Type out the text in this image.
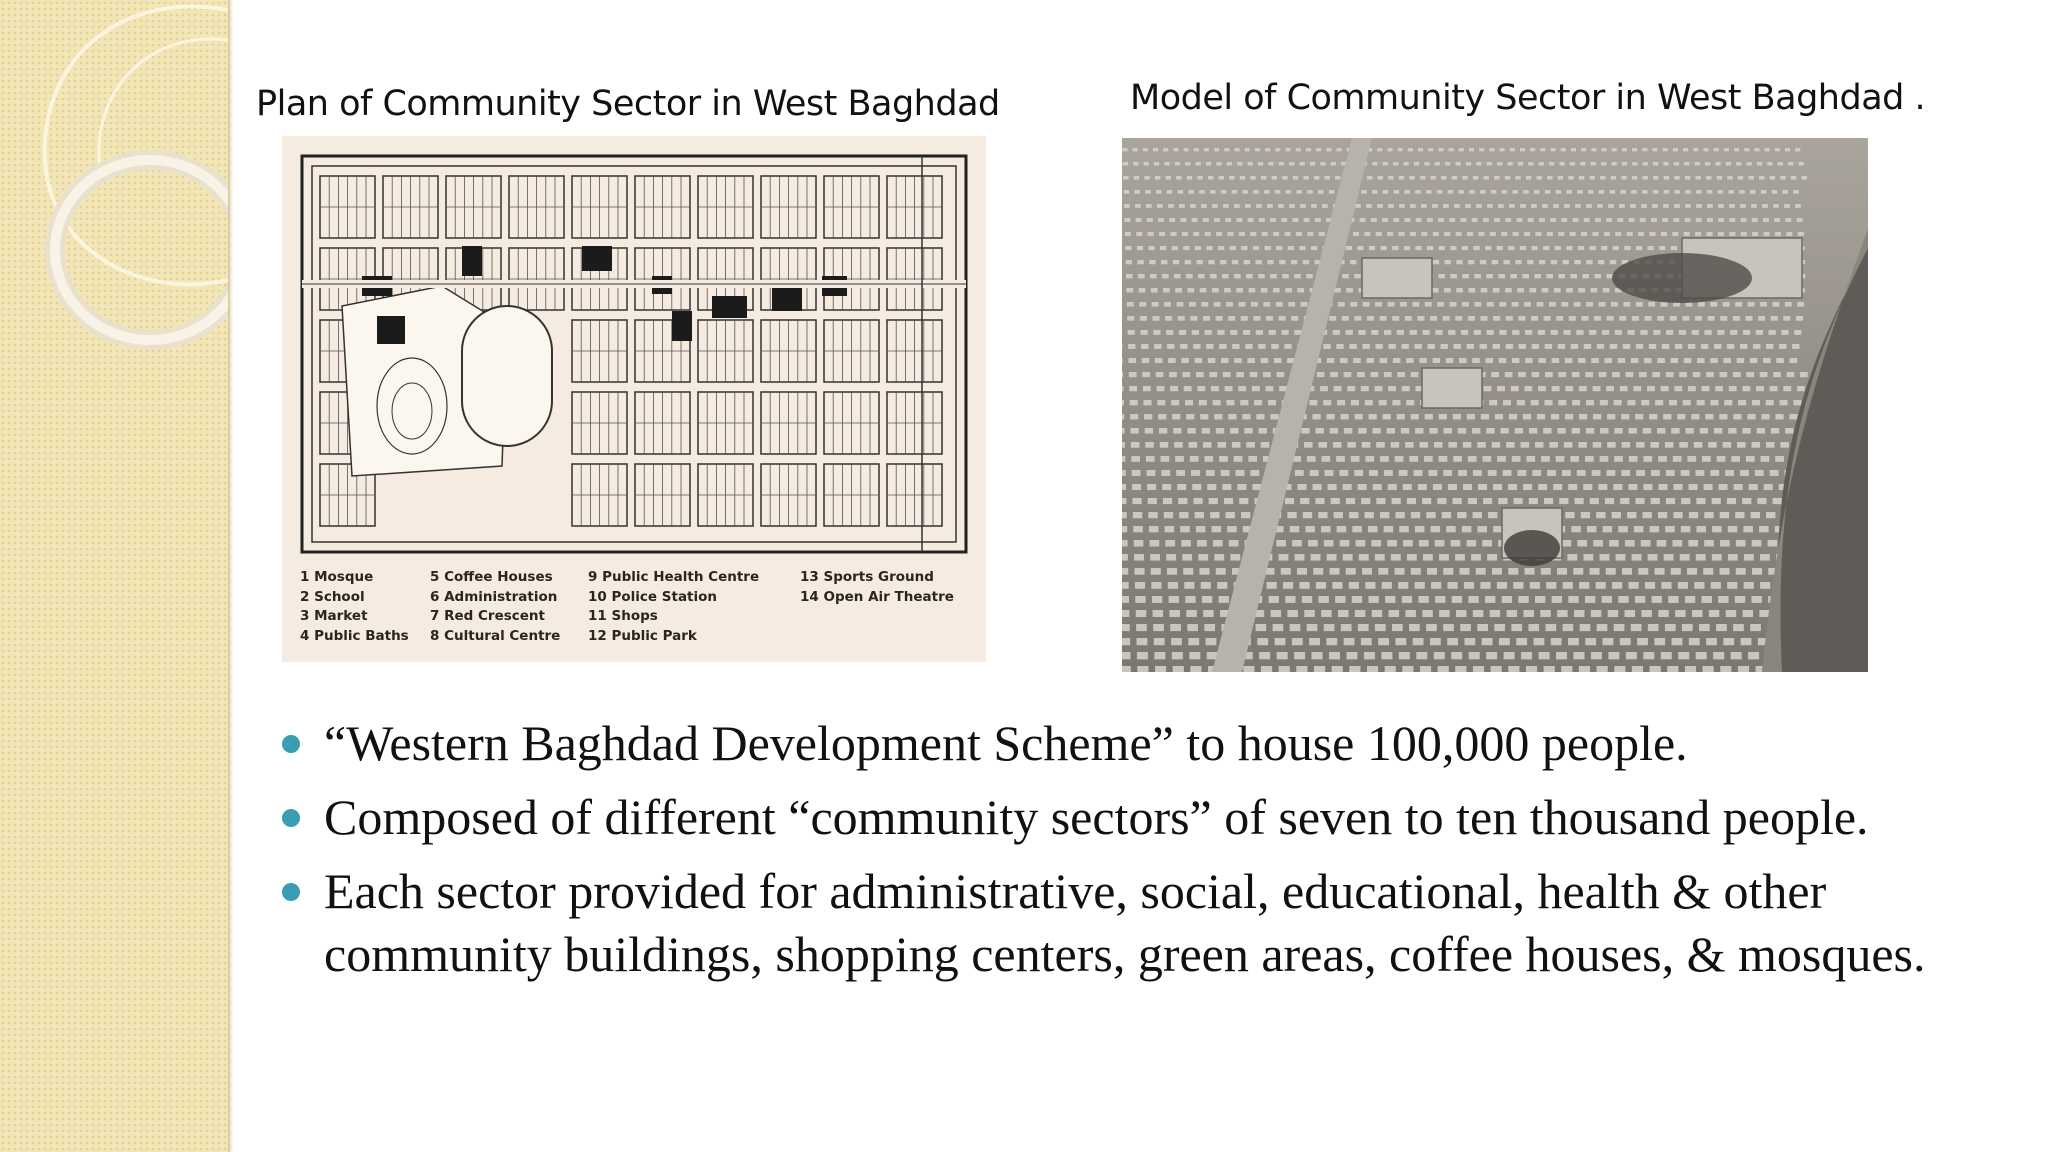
Plan of Community Sector in West Baghdad	Model of Community Sector in West Baghdad .
1 Mosque
2 School
3 Market
4 Public Baths
5 Coffee Houses
6 Administration
7 Red Crescent
8 Cultural Centre
9 Public Health Centre
10 Police Station
11 Shops
12 Public Park
13 Sports Ground
14 Open Air Theatre
“Western Baghdad Development Scheme” to house 100,000 people.
Composed of different “community sectors” of seven to ten thousand people.
Each sector provided for administrative, social, educational, health & other community buildings, shopping centers, green areas, coffee houses, & mosques.
